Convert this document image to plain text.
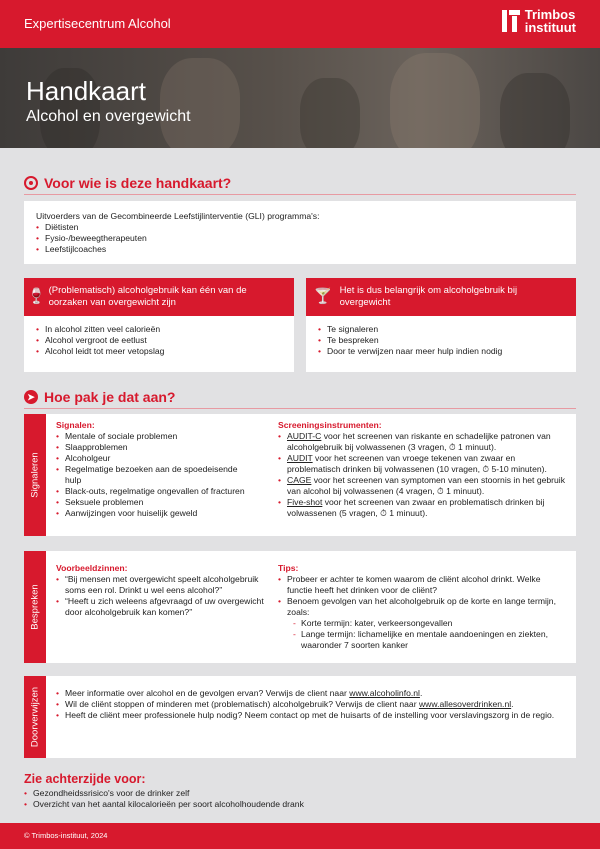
Expertisecentrum Alcohol
Trimbos
instituut
Handkaart
Alcohol en overgewicht
Voor wie is deze handkaart?
Uitvoerders van de Gecombineerde Leefstijlinterventie (GLI) programma's:
• Diëtisten
• Fysio-/beweegtherapeuten
• Leefstijlcoaches
🍷 (Problematisch) alcoholgebruik kan één van de oorzaken van overgewicht zijn
• In alcohol zitten veel calorieën
• Alcohol vergroot de eetlust
• Alcohol leidt tot meer vetopslag
🍸 Het is dus belangrijk om alcoholgebruik bij overgewicht
• Te signaleren
• Te bespreken
• Door te verwijzen naar meer hulp indien nodig
➤ Hoe pak je dat aan?
Signaleren
Signalen:
• Mentale of sociale problemen
• Slaapproblemen
• Alcoholgeur
• Regelmatige bezoeken aan de spoedeisende hulp
• Black-outs, regelmatige ongevallen of fracturen
• Seksuele problemen
• Aanwijzingen voor huiselijk geweld
Screeningsinstrumenten:
• AUDIT-C voor het screenen van riskante en schadelijke patronen van alcoholgebruik bij volwassenen (3 vragen, ⏱ 1 minuut).
• AUDIT voor het screenen van vroege tekenen van zwaar en problematisch drinken bij volwassenen (10 vragen, ⏱ 5-10 minuten).
• CAGE voor het screenen van symptomen van een stoornis in het gebruik van alcohol bij volwassenen (4 vragen, ⏱ 1 minuut).
• Five-shot voor het screenen van zwaar en problematisch drinken bij volwassenen (5 vragen, ⏱ 1 minuut).
Bespreken
Voorbeeldzinnen:
• “Bij mensen met overgewicht speelt alcoholgebruik soms een rol. Drinkt u wel eens alcohol?”
• “Heeft u zich weleens afgevraagd of uw overgewicht door alcoholgebruik kan komen?”
Tips:
• Probeer er achter te komen waarom de cliënt alcohol drinkt. Welke functie heeft het drinken voor de cliënt?
• Benoem gevolgen van het alcoholgebruik op de korte en lange termijn, zoals:
- Korte termijn: kater, verkeersongevallen
- Lange termijn: lichamelijke en mentale aandoeningen en ziekten, waaronder 7 soorten kanker
Doorverwijzen
•	Meer informatie over alcohol en de gevolgen ervan? Verwijs de client naar www.alcoholinfo.nl.
• Wil de cliënt stoppen of minderen met (problematisch) alcoholgebruik? Verwijs de client naar www.allesoverdrinken.nl.
• Heeft de cliënt meer professionele hulp nodig? Neem contact op met de huisarts of de instelling voor verslavingszorg in de regio.
Zie achterzijde voor:
• Gezondheidssrisico's voor de drinker zelf
• Overzicht van het aantal kilocalorieën per soort alcoholhoudende drank
© Trimbos-instituut, 2024
